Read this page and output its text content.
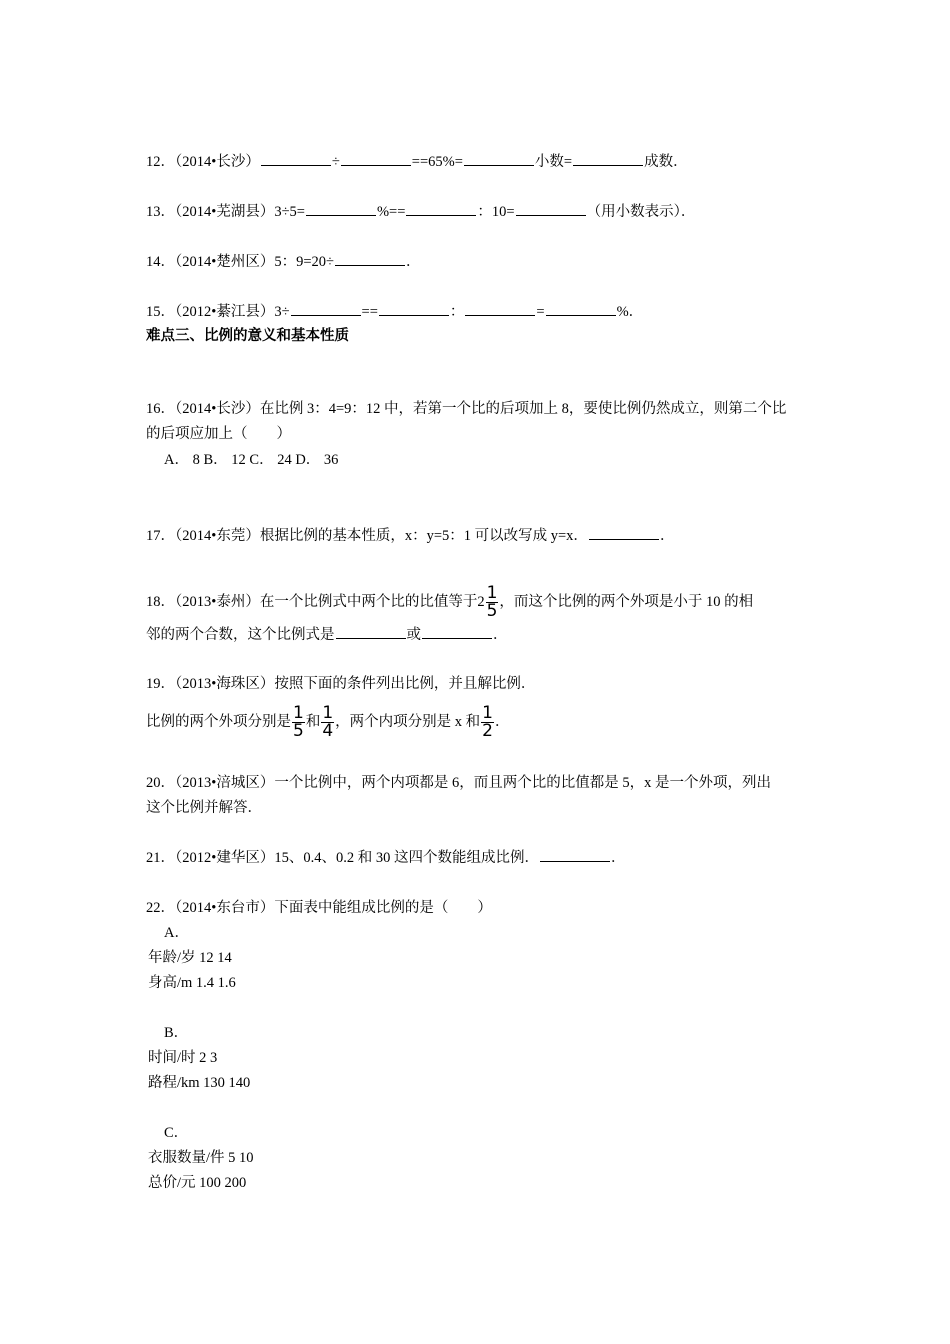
12．（2014•长沙）	÷	==65%=	小数=	成数．
13．（2014•芜湖县）3÷5=	%==	：10=	（用小数表示）．
14．（2014•楚州区）5：9=20÷	．
15．（2012•綦江县）3÷	==	：	=	%．
难点三、比例的意义和基本性质
16．（2014•长沙）在比例 3：4=9：12 中，若第一个比的后项加上 8，要使比例仍然成立，则第二个比
的后项应加上（　　）
A． 8 B． 12 C． 24 D． 36
17．（2014•东莞）根据比例的基本性质，x：y=5：1 可以改写成 y=x．	．
18．（2013•泰州）在一个比例式中两个比的比值等于$2 \frac{1}{5}$ ，而这个比例的两个外项是小于 10 的相
邻的两个合数，这个比例式是	或	．
19．（2013•海珠区）按照下面的条件列出比例，并且解比例．
比例的两个外项分别是 $\frac{1}{5}$ 和 $\frac{1}{4}$ ，两个内项分别是 x 和 $\frac{1}{2}$ ．
20．（2013•涪城区）一个比例中，两个内项都是 6，而且两个比的比值都是 5，x 是一个外项，列出
这个比例并解答．
21．（2012•建华区）15、0.4、0.2 和 30 这四个数能组成比例．	．
22．（2014•东台市）下面表中能组成比例的是（　　）
A．
年龄/岁 12 14
身高/m 1.4 1.6
B．
时间/时 2 3
路程/km 130 140
C．
衣服数量/件 5 10
总价/元 100 200
